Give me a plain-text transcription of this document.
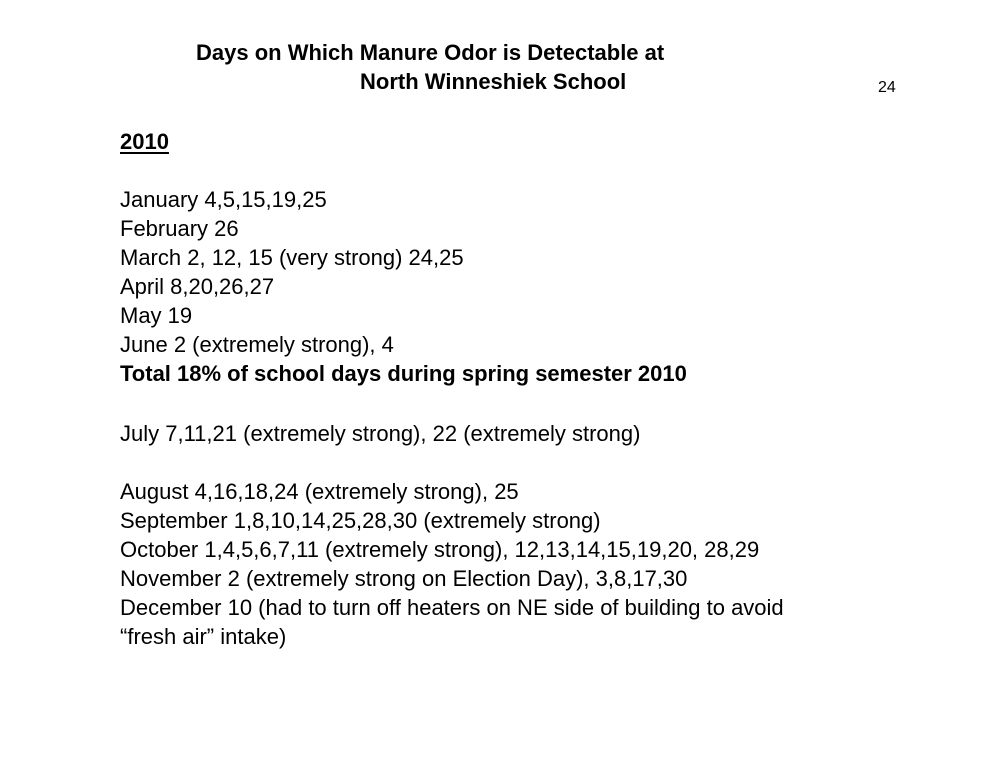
Days on Which Manure Odor is Detectable at
North Winneshiek School	24
2010
January 4,5,15,19,25
February 26
March 2, 12, 15 (very strong) 24,25
April 8,20,26,27
May 19
June 2 (extremely strong), 4
Total 18% of school days during spring semester 2010
July 7,11,21 (extremely strong), 22 (extremely strong)
August 4,16,18,24 (extremely strong), 25
September 1,8,10,14,25,28,30 (extremely strong)
October 1,4,5,6,7,11 (extremely strong), 12,13,14,15,19,20, 28,29
November 2 (extremely strong on Election Day), 3,8,17,30
December 10 (had to turn off heaters on NE side of building to avoid
“fresh air” intake)
